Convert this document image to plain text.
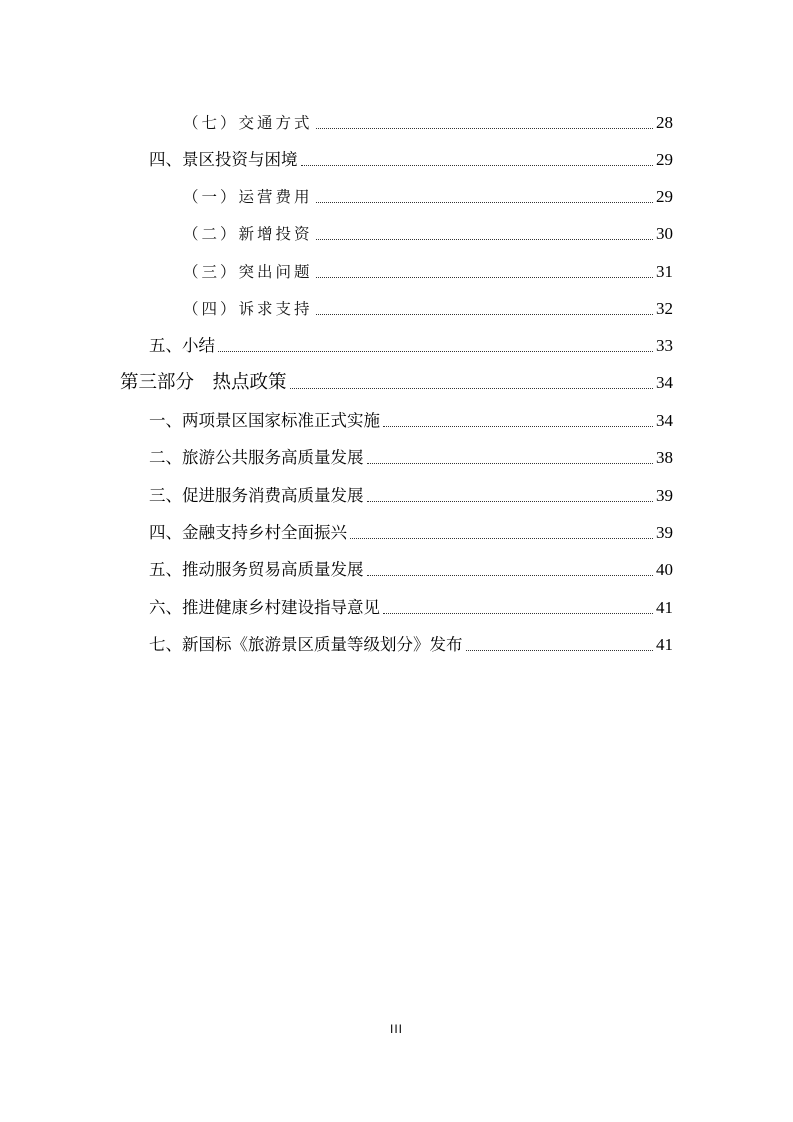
（七）交通方式	28
四、景区投资与困境	29
（一）运营费用	29
（二）新增投资	30
（三）突出问题	31
（四）诉求支持	32
五、小结	33
第三部分　热点政策	34
一、两项景区国家标准正式实施	34
二、旅游公共服务高质量发展	38
三、促进服务消费高质量发展	39
四、金融支持乡村全面振兴	39
五、推动服务贸易高质量发展	40
六、推进健康乡村建设指导意见	41
七、新国标《旅游景区质量等级划分》发布	41
III
